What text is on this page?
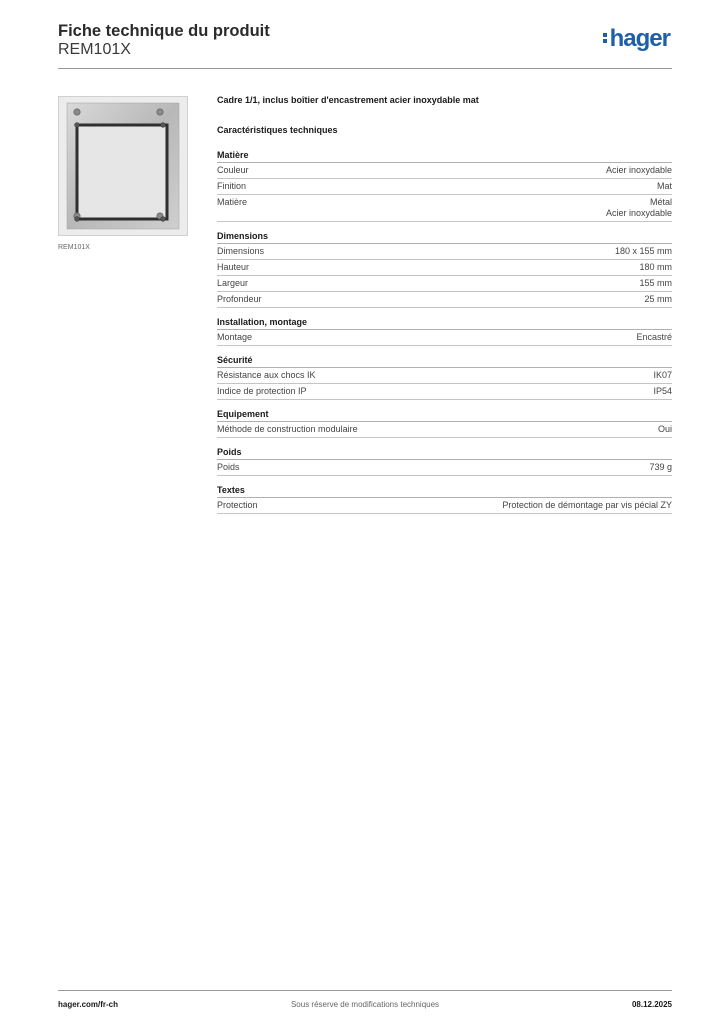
Fiche technique du produit
REM101X	hager
REM101X
Cadre 1/1, inclus boîtier d'encastrement acier inoxydable mat
Caractéristiques techniques
Matière
Couleur	Acier inoxydable
Finition	Mat
Matière	Métal
Acier inoxydable
Dimensions
Dimensions	180 x 155 mm
Hauteur	180 mm
Largeur	155 mm
Profondeur	25 mm
Installation, montage
Montage	Encastré
Sécurité
Résistance aux chocs IK	IK07
Indice de protection IP	IP54
Equipement
Méthode de construction modulaire	Oui
Poids
Poids	739 g
Textes
Protection	Protection de démontage par vis pécial ZY
hager.com/fr-ch	Sous réserve de modifications techniques	08.12.2025
